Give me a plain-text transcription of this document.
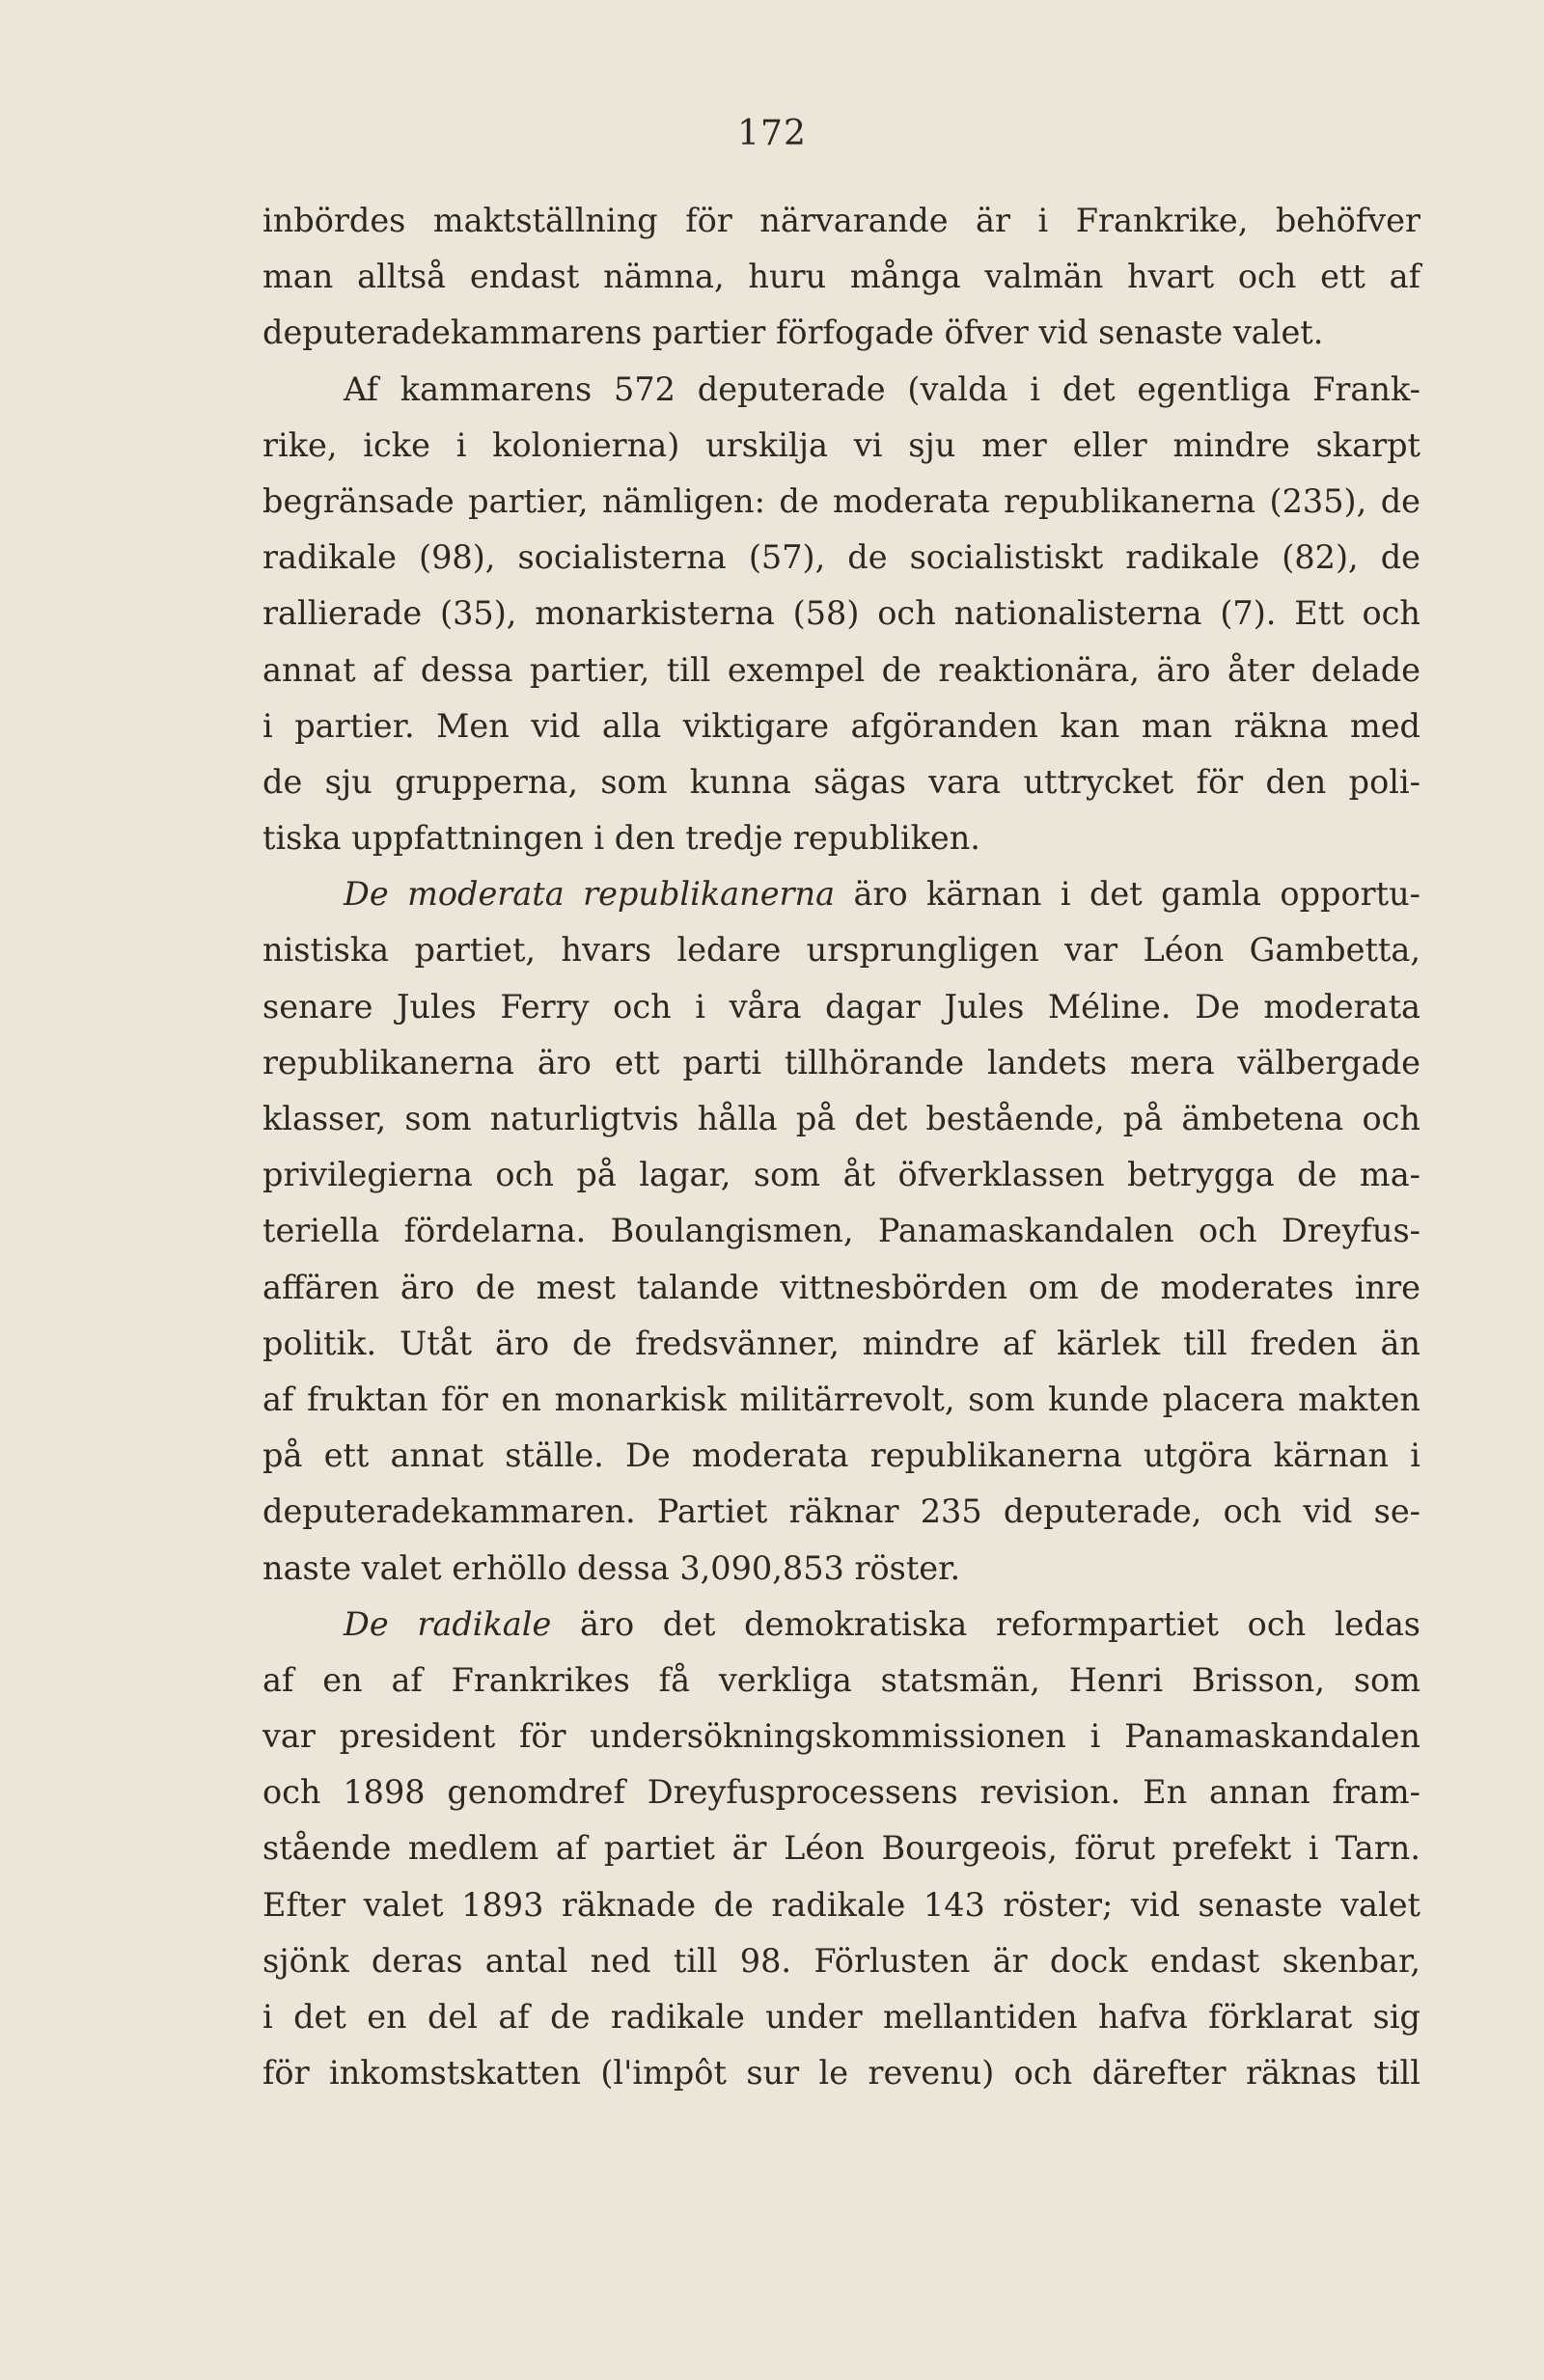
172
inbördes maktställning för närvarande är i Frankrike, behöfver
man alltså endast nämna, huru många valmän hvart och ett af
deputeradekammarens partier förfogade öfver vid senaste valet.
Af kammarens 572 deputerade (valda i det egentliga Frank-
rike, icke i kolonierna) urskilja vi sju mer eller mindre skarpt
begränsade partier, nämligen: de moderata republikanerna (235), de
radikale (98), socialisterna (57), de socialistiskt radikale (82), de
rallierade (35), monarkisterna (58) och nationalisterna (7). Ett och
annat af dessa partier, till exempel de reaktionära, äro åter delade
i partier. Men vid alla viktigare afgöranden kan man räkna med
de sju grupperna, som kunna sägas vara uttrycket för den poli-
tiska uppfattningen i den tredje republiken.
De moderata republikanerna äro kärnan i det gamla opportu-
nistiska partiet, hvars ledare ursprungligen var Léon Gambetta,
senare Jules Ferry och i våra dagar Jules Méline. De moderata
republikanerna äro ett parti tillhörande landets mera välbergade
klasser, som naturligtvis hålla på det bestående, på ämbetena och
privilegierna och på lagar, som åt öfverklassen betrygga de ma-
teriella fördelarna. Boulangismen, Panamaskandalen och Dreyfus-
affären äro de mest talande vittnesbörden om de moderates inre
politik. Utåt äro de fredsvänner, mindre af kärlek till freden än
af fruktan för en monarkisk militärrevolt, som kunde placera makten
på ett annat ställe. De moderata republikanerna utgöra kärnan i
deputeradekammaren. Partiet räknar 235 deputerade, och vid se-
naste valet erhöllo dessa 3,090,853 röster.
De radikale äro det demokratiska reformpartiet och ledas
af en af Frankrikes få verkliga statsmän, Henri Brisson, som
var president för undersökningskommissionen i Panamaskandalen
och 1898 genomdref Dreyfusprocessens revision. En annan fram-
stående medlem af partiet är Léon Bourgeois, förut prefekt i Tarn.
Efter valet 1893 räknade de radikale 143 röster; vid senaste valet
sjönk deras antal ned till 98. Förlusten är dock endast skenbar,
i det en del af de radikale under mellantiden hafva förklarat sig
för inkomstskatten (l'impôt sur le revenu) och därefter räknas till
